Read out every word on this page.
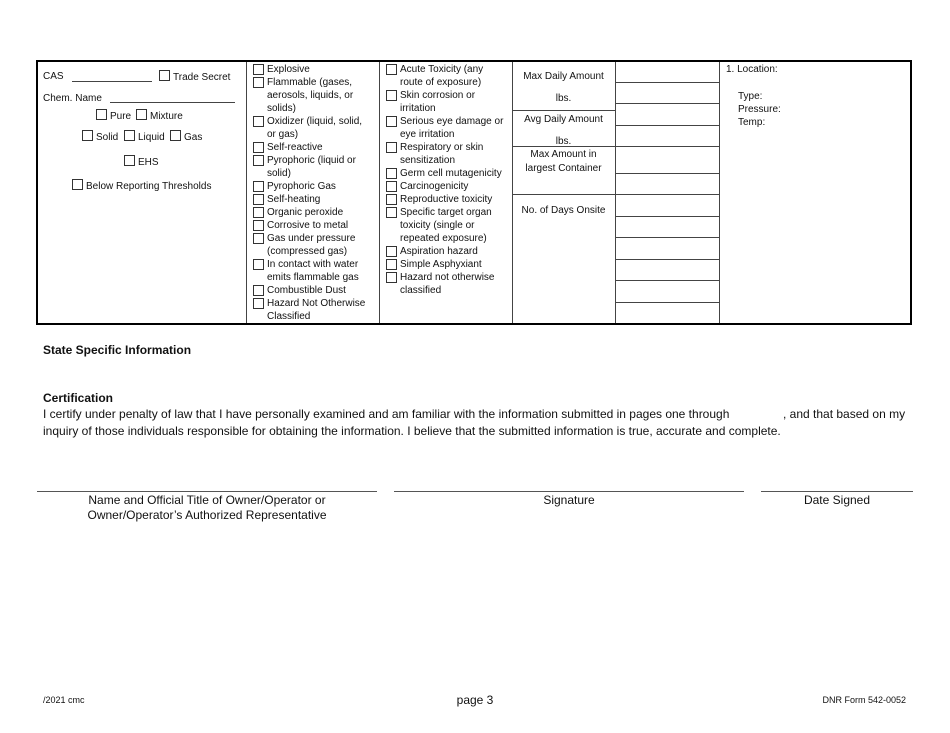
CAS	Trade Secret
Chem. Name
Pure	Mixture
Solid	Liquid	Gas
EHS
Below Reporting Thresholds
Explosive
Flammable (gases,
aerosols, liquids, or
solids)
Oxidizer (liquid, solid,
or gas)
Self-reactive
Pyrophoric (liquid or
solid)
Pyrophoric Gas
Self-heating
Organic peroxide
Corrosive to metal
Gas under pressure
(compressed gas)
In contact with water
emits flammable gas
Combustible Dust
Hazard Not Otherwise
Classified
Acute Toxicity (any
route of exposure)
Skin corrosion or
irritation
Serious eye damage or
eye irritation
Respiratory or skin
sensitization
Germ cell mutagenicity
Carcinogenicity
Reproductive toxicity
Specific target organ
toxicity (single or
repeated exposure)
Aspiration hazard
Simple Asphyxiant
Hazard not otherwise
classified
Max Daily Amount
lbs.
Avg Daily Amount
lbs.
Max Amount in
largest Container
No. of Days Onsite
1. Location:
Type:
Pressure:
Temp:
State Specific Information
Certification
I certify under penalty of law that I have personally examined and am familiar with the information submitted in pages one through	, and that based on my
inquiry of those individuals responsible for obtaining the information. I believe that the submitted information is true, accurate and complete.
Name and Official Title of Owner/Operator or
Owner/Operator’s Authorized Representative
Signature	Date Signed
/2021 cmc	page 3	DNR Form 542-0052
